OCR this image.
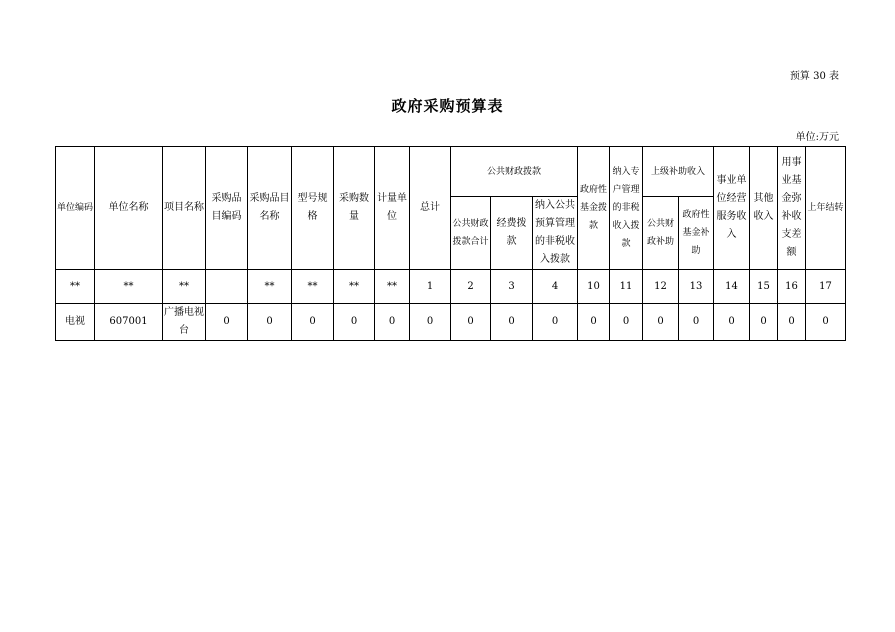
预算 30 表
政府采购预算表
单位:万元
单位编码	单位名称	项目名称	采购品目编码	采购品目名称	型号规格	采购数量	计量单位	总计	公共财政拨款			政府性基金拨款	纳入专户管理的非税收入拨款	上级补助收入		事业单位经营服务收入	其他收入	用事业基金弥补收支差额	上年结转
									公共财政拨款合计	经费拨款	纳入公共预算管理的非税收入拨款			公共财政补助	政府性基金补助				
**	**	**		**	**	**	**	1	2	3	4	10	11	12	13	14	15	16	17
电视	607001	广播电视台	0	0	0	0	0	0	0	0	0	0	0	0	0	0	0	0	0
